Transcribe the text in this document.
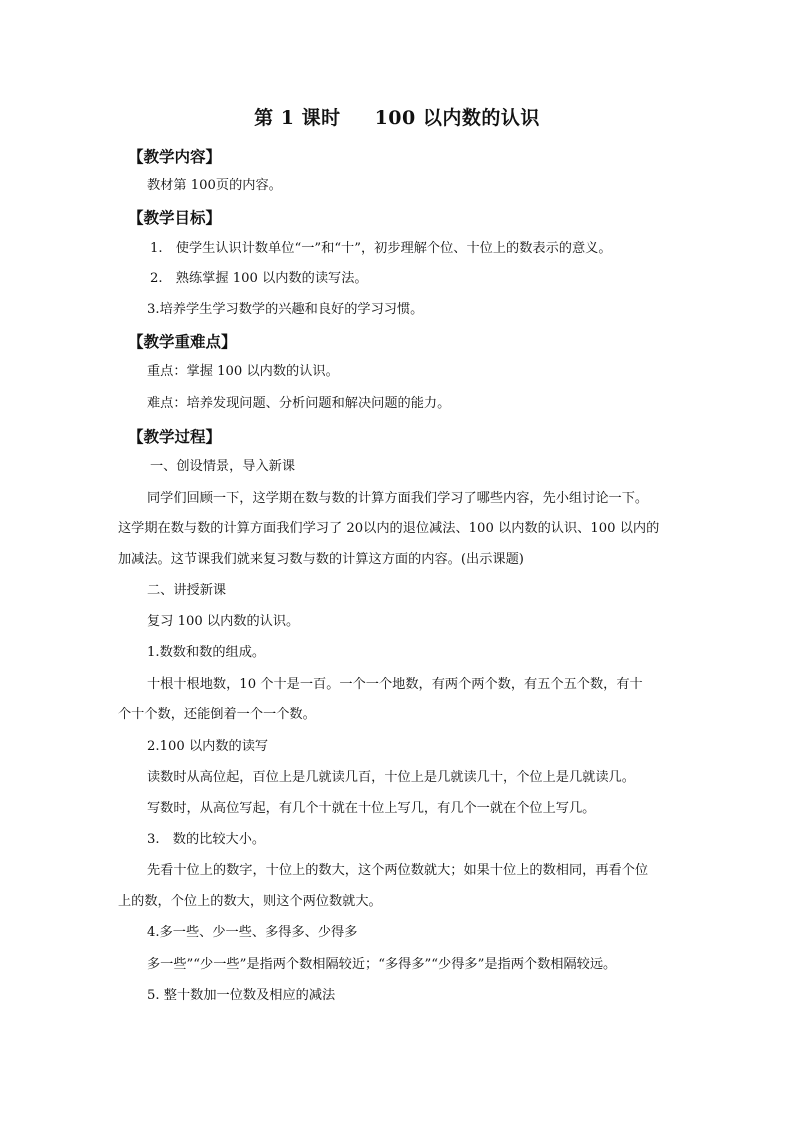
第 1 课时 100 以内数的认识
【教学内容】
教材第 100页的内容。
【教学目标】
1.　使学生认识计数单位“一”和“十”，初步理解个位、十位上的数表示的意义。
2.　熟练掌握 100 以内数的读写法。
3.培养学生学习数学的兴趣和良好的学习习惯。
【教学重难点】
重点：掌握 100 以内数的认识。
难点：培养发现问题、分析问题和解决问题的能力。
【教学过程】
一、创设情景，导入新课
同学们回顾一下，这学期在数与数的计算方面我们学习了哪些内容，先小组讨论一下。
这学期在数与数的计算方面我们学习了 20以内的退位减法、100 以内数的认识、100 以内的
加减法。这节课我们就来复习数与数的计算这方面的内容。(出示课题)
二、讲授新课
复习 100 以内数的认识。
1.数数和数的组成。
十根十根地数，10 个十是一百。一个一个地数，有两个两个数，有五个五个数，有十
个十个数，还能倒着一个一个数。
2.100 以内数的读写
读数时从高位起，百位上是几就读几百，十位上是几就读几十，个位上是几就读几。
写数时，从高位写起，有几个十就在十位上写几，有几个一就在个位上写几。
3.　数的比较大小。
先看十位上的数字，十位上的数大，这个两位数就大；如果十位上的数相同，再看个位
上的数，个位上的数大，则这个两位数就大。
4.多一些、少一些、多得多、少得多
多一些”“少一些”是指两个数相隔较近；“多得多”“少得多”是指两个数相隔较远。
5. 整十数加一位数及相应的减法
